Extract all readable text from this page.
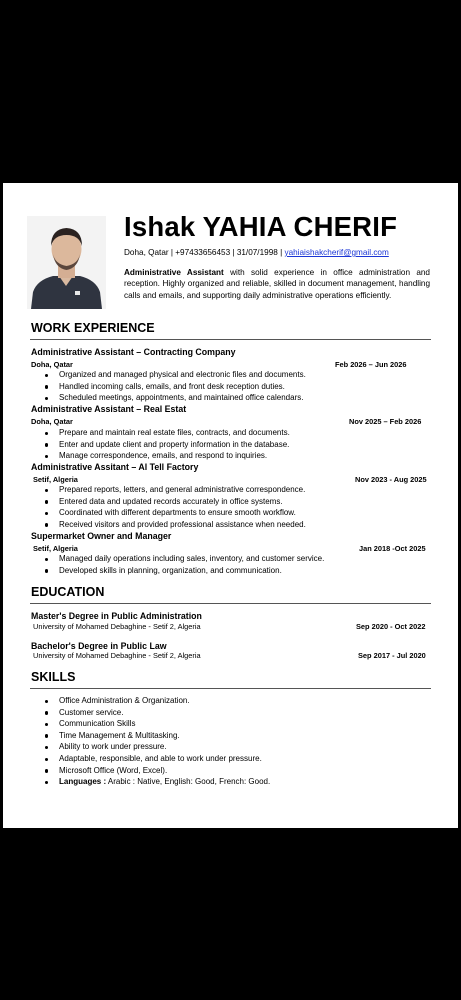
Ishak YAHIA CHERIF
Doha, Qatar | +97433656453 | 31/07/1998 | yahiaishakcherif@gmail.com
Administrative Assistant with solid experience in office administration and reception. Highly organized and reliable, skilled in document management, handling calls and emails, and supporting daily administrative operations efficiently.
WORK EXPERIENCE
Administrative Assistant – Contracting Company
Doha, Qatar	Feb 2026 – Jun 2026
Organized and managed physical and electronic files and documents.
Handled incoming calls, emails, and front desk reception duties.
Scheduled meetings, appointments, and maintained office calendars.
Administrative Assistant – Real Estat
Doha, Qatar	Nov 2025 – Feb 2026
Prepare and maintain real estate files, contracts, and documents.
Enter and update client and property information in the database.
Manage correspondence, emails, and respond to inquiries.
Administrative Assitant – Al Tell Factory
Setif, Algeria	Nov 2023 - Aug 2025
Prepared reports, letters, and general administrative correspondence.
Entered data and updated records accurately in office systems.
Coordinated with different departments to ensure smooth workflow.
Received visitors and provided professional assistance when needed.
Supermarket Owner and Manager
Setif, Algeria	Jan 2018 -Oct 2025
Managed daily operations including sales, inventory, and customer service.
Developed skills in planning, organization, and communication.
EDUCATION
Master's Degree in Public Administration
University of Mohamed Debaghine - Setif 2, Algeria	Sep 2020 - Oct 2022
Bachelor's Degree in Public Law
University of Mohamed Debaghine - Setif 2, Algeria	Sep 2017 - Jul 2020
SKILLS
Office Administration & Organization.
Customer service.
Communication Skills
Time Management & Multitasking.
Ability to work under pressure.
Adaptable, responsible, and able to work under pressure.
Microsoft Office (Word, Excel).
Languages : Arabic : Native, English: Good, French: Good.
